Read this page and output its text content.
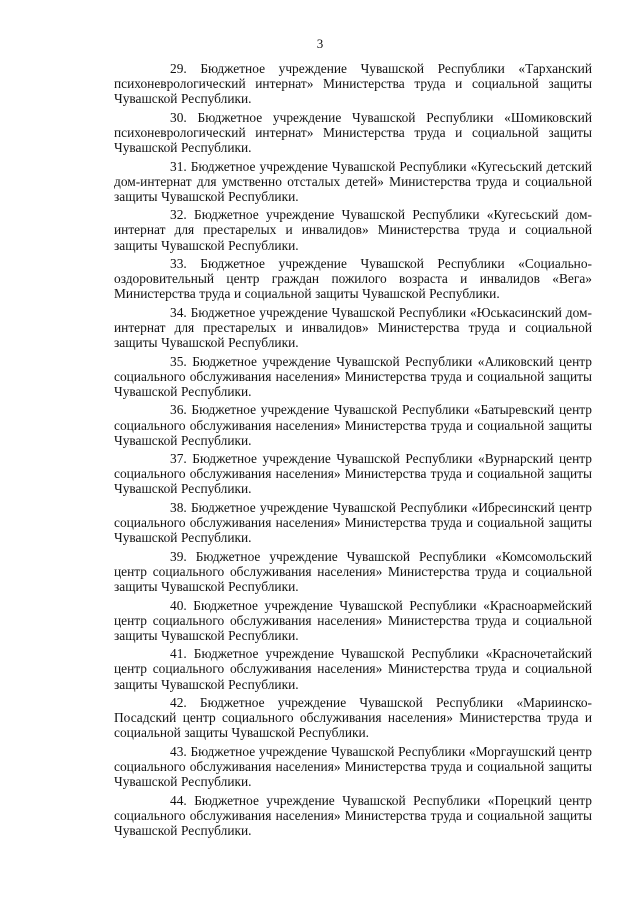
3

29. Бюджетное учреждение Чувашской Республики «Тарханский психоневрологический интернат» Министерства труда и социальной защиты Чувашской Республики.

30. Бюджетное учреждение Чувашской Республики «Шомиковский психоневрологический интернат» Министерства труда и социальной защиты Чувашской Республики.

31. Бюджетное учреждение Чувашской Республики «Кугесьский детский дом-интернат для умственно отсталых детей» Министерства труда и социальной защиты Чувашской Республики.

32. Бюджетное учреждение Чувашской Республики «Кугесьский дом-интернат для престарелых и инвалидов» Министерства труда и социальной защиты Чувашской Республики.

33. Бюджетное учреждение Чувашской Республики «Социально-оздоровительный центр граждан пожилого возраста и инвалидов «Вега» Министерства труда и социальной защиты Чувашской Республики.

34. Бюджетное учреждение Чувашской Республики «Юськасинский дом-интернат для престарелых и инвалидов» Министерства труда и социальной защиты Чувашской Республики.

35. Бюджетное учреждение Чувашской Республики «Аликовский центр социального обслуживания населения» Министерства труда и социальной защиты Чувашской Республики.

36. Бюджетное учреждение Чувашской Республики «Батыревский центр социального обслуживания населения» Министерства труда и социальной защиты Чувашской Республики.

37. Бюджетное учреждение Чувашской Республики «Вурнарский центр социального обслуживания населения» Министерства труда и социальной защиты Чувашской Республики.

38. Бюджетное учреждение Чувашской Республики «Ибресинский центр социального обслуживания населения» Министерства труда и социальной защиты Чувашской Республики.

39. Бюджетное учреждение Чувашской Республики «Комсомольский центр социального обслуживания населения» Министерства труда и социальной защиты Чувашской Республики.

40. Бюджетное учреждение Чувашской Республики «Красноармейский центр социального обслуживания населения» Министерства труда и социальной защиты Чувашской Республики.

41. Бюджетное учреждение Чувашской Республики «Красночетайский центр социального обслуживания населения» Министерства труда и социальной защиты Чувашской Республики.

42. Бюджетное учреждение Чувашской Республики «Мариинско-Посадский центр социального обслуживания населения» Министерства труда и социальной защиты Чувашской Республики.

43. Бюджетное учреждение Чувашской Республики «Моргаушский центр социального обслуживания населения» Министерства труда и социальной защиты Чувашской Республики.

44. Бюджетное учреждение Чувашской Республики «Порецкий центр социального обслуживания населения» Министерства труда и социальной защиты Чувашской Республики.
